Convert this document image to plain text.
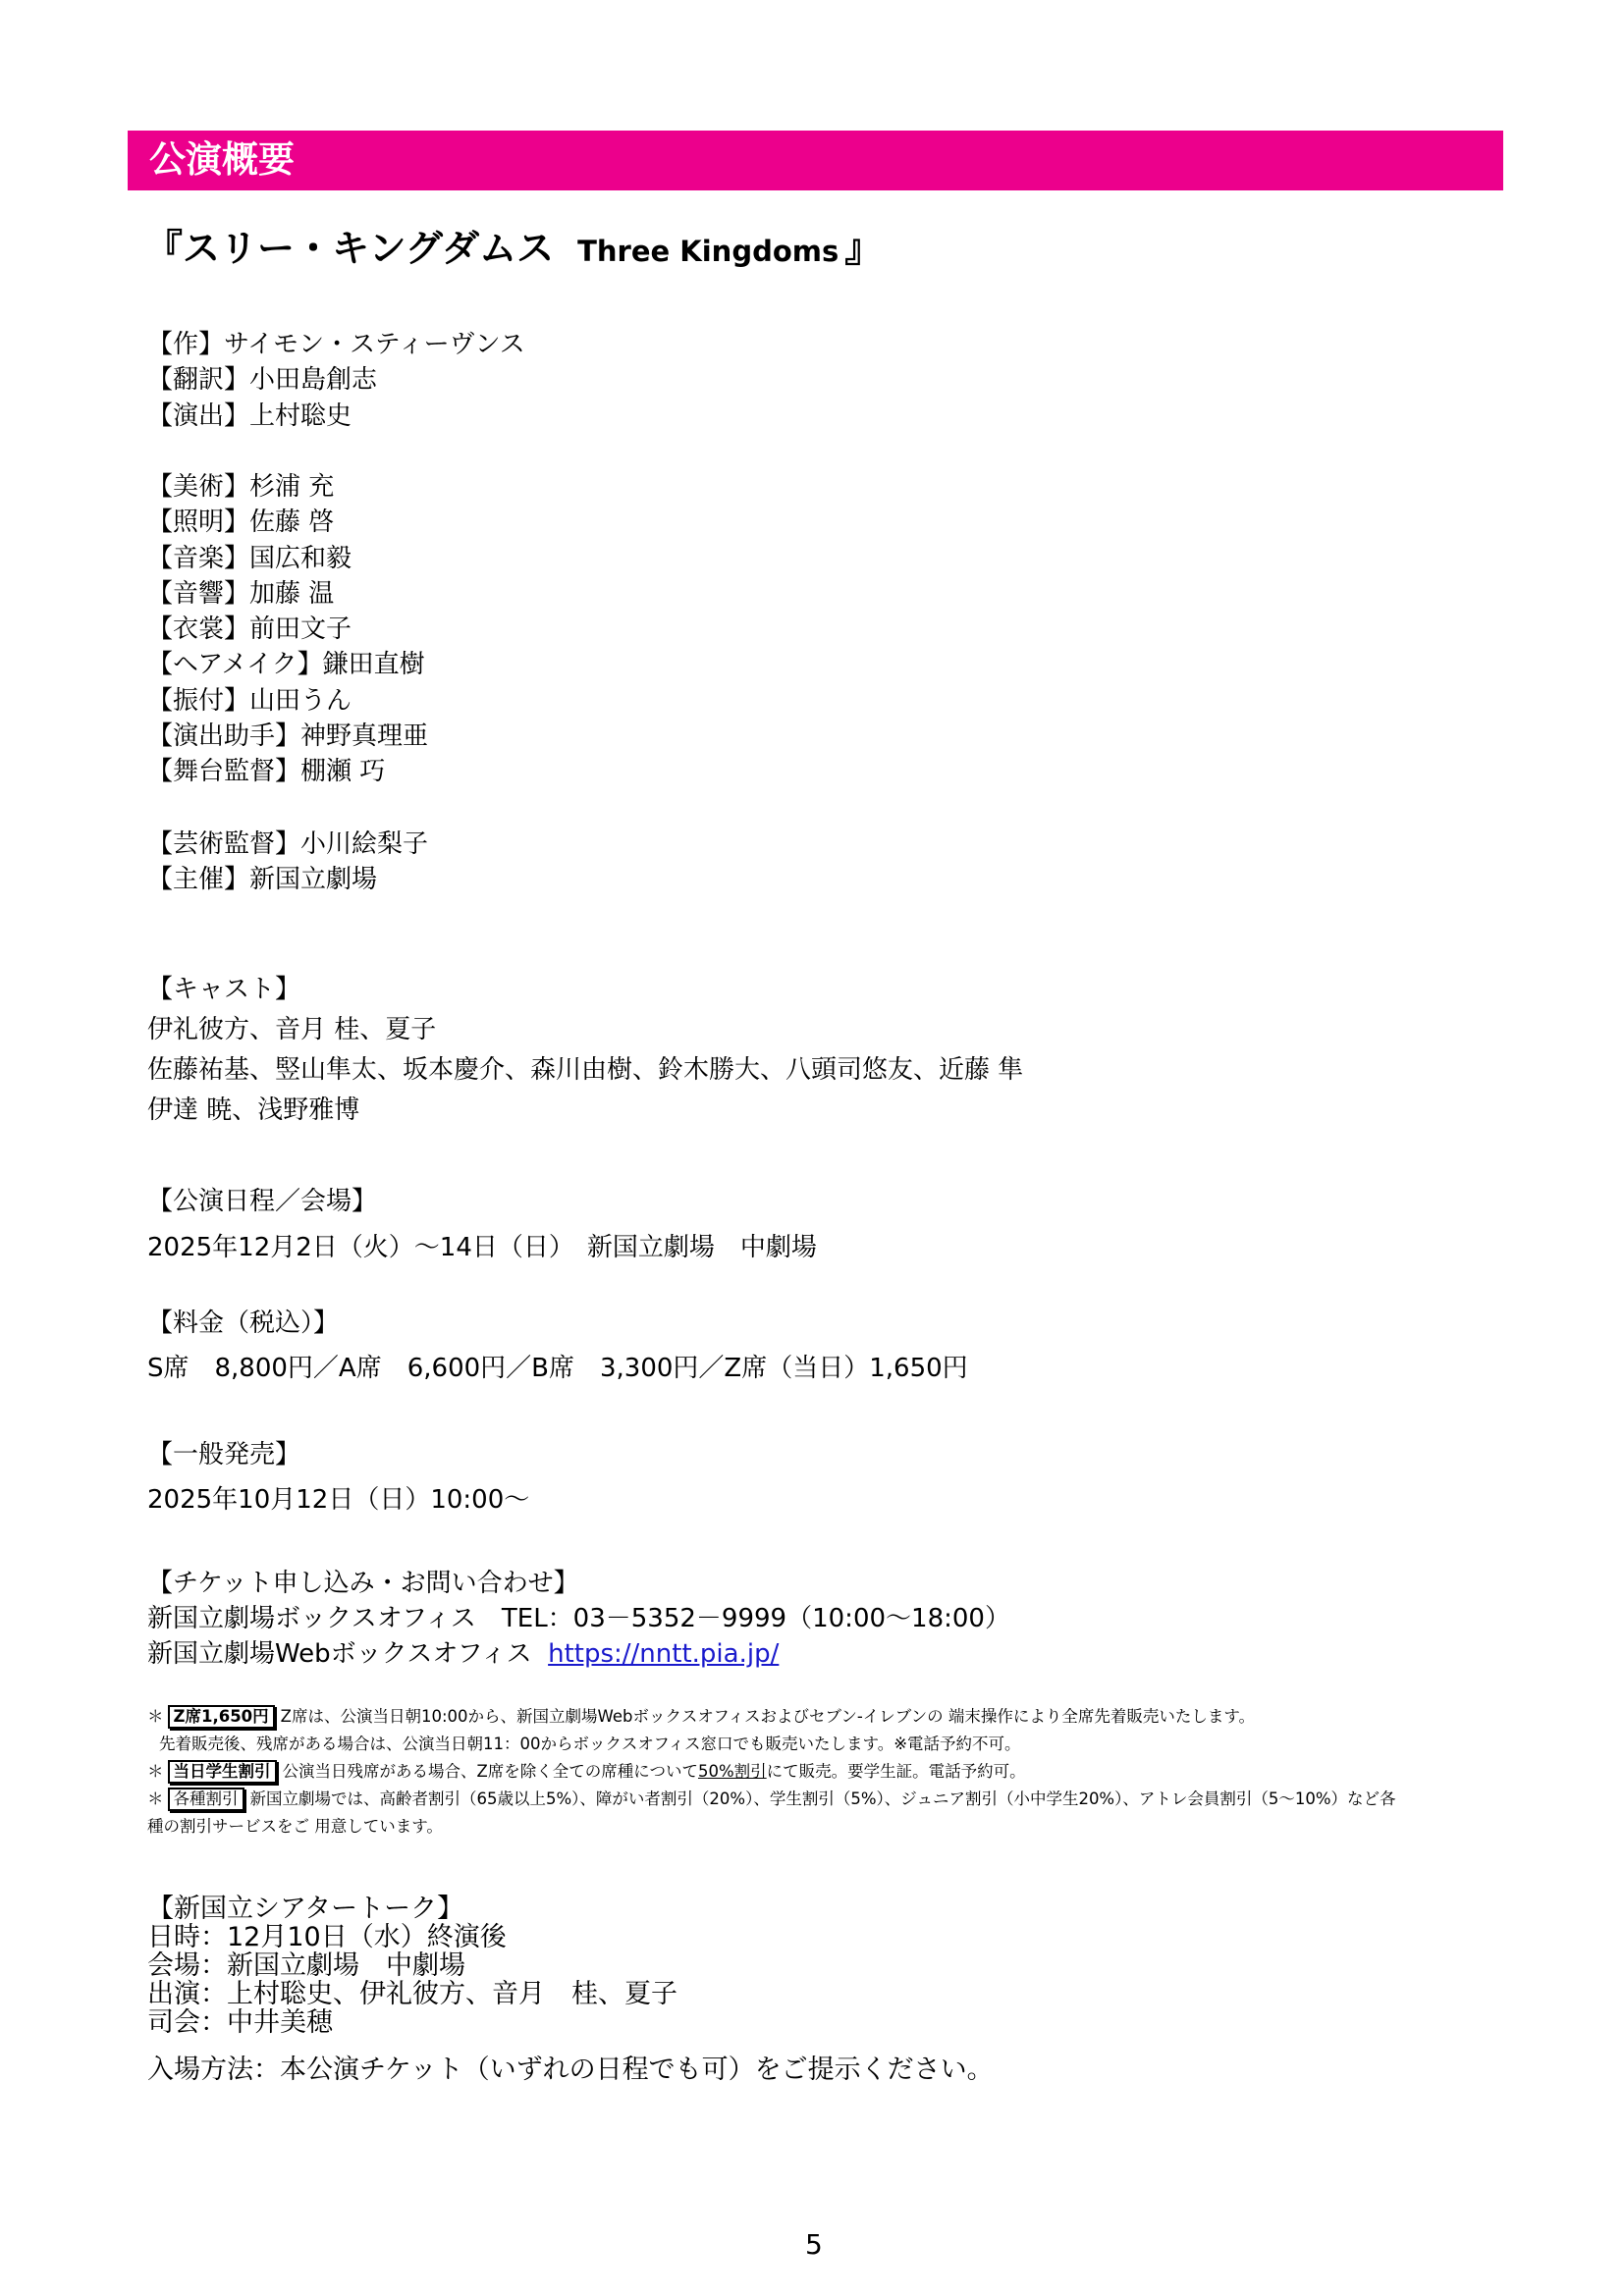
公演概要
『スリー・キングダムス Three Kingdoms 』
【作】サイモン・スティーヴンス
【翻訳】小田島創志
【演出】上村聡史
【美術】杉浦 充
【照明】佐藤 啓
【音楽】国広和毅
【音響】加藤 温
【衣裳】前田文子
【ヘアメイク】鎌田直樹
【振付】山田うん
【演出助手】神野真理亜
【舞台監督】棚瀬 巧
【芸術監督】小川絵梨子
【主催】新国立劇場
【キャスト】
伊礼彼方、音月 桂、夏子
佐藤祐基、竪山隼太、坂本慶介、森川由樹、鈴木勝大、八頭司悠友、近藤 隼
伊達 暁、浅野雅博
【公演日程／会場】
2025年12月2日（火）～14日（日）　新国立劇場　中劇場
【料金（税込）】
S席　8,800円／A席　6,600円／B席　3,300円／Z席（当日）1,650円
【一般発売】
2025年10月12日（日）10:00～
【チケット申し込み・お問い合わせ】
新国立劇場ボックスオフィス　TEL：03－5352－9999（10:00～18:00）
新国立劇場Webボックスオフィス https://nntt.pia.jp/
＊ Z席1,650円 Z席は、公演当日朝10:00から、新国立劇場Webボックスオフィスおよびセブン-イレブンの 端末操作により全席先着販売いたします。
先着販売後、残席がある場合は、公演当日朝11：00からボックスオフィス窓口でも販売いたします。※電話予約不可。
＊ 当日学生割引 公演当日残席がある場合、Z席を除く全ての席種について50%割引にて販売。要学生証。電話予約可。
＊ 各種割引 新国立劇場では、高齢者割引（65歳以上5%）、障がい者割引（20%）、学生割引（5%）、ジュニア割引（小中学生20%）、アトレ会員割引（5～10%）など各
種の割引サービスをご 用意しています。
【新国立シアタートーク】
日時：12月10日（水）終演後
会場：新国立劇場　中劇場
出演：上村聡史、伊礼彼方、音月　桂、夏子
司会：中井美穂
入場方法：本公演チケット（いずれの日程でも可）をご提示ください。
5
